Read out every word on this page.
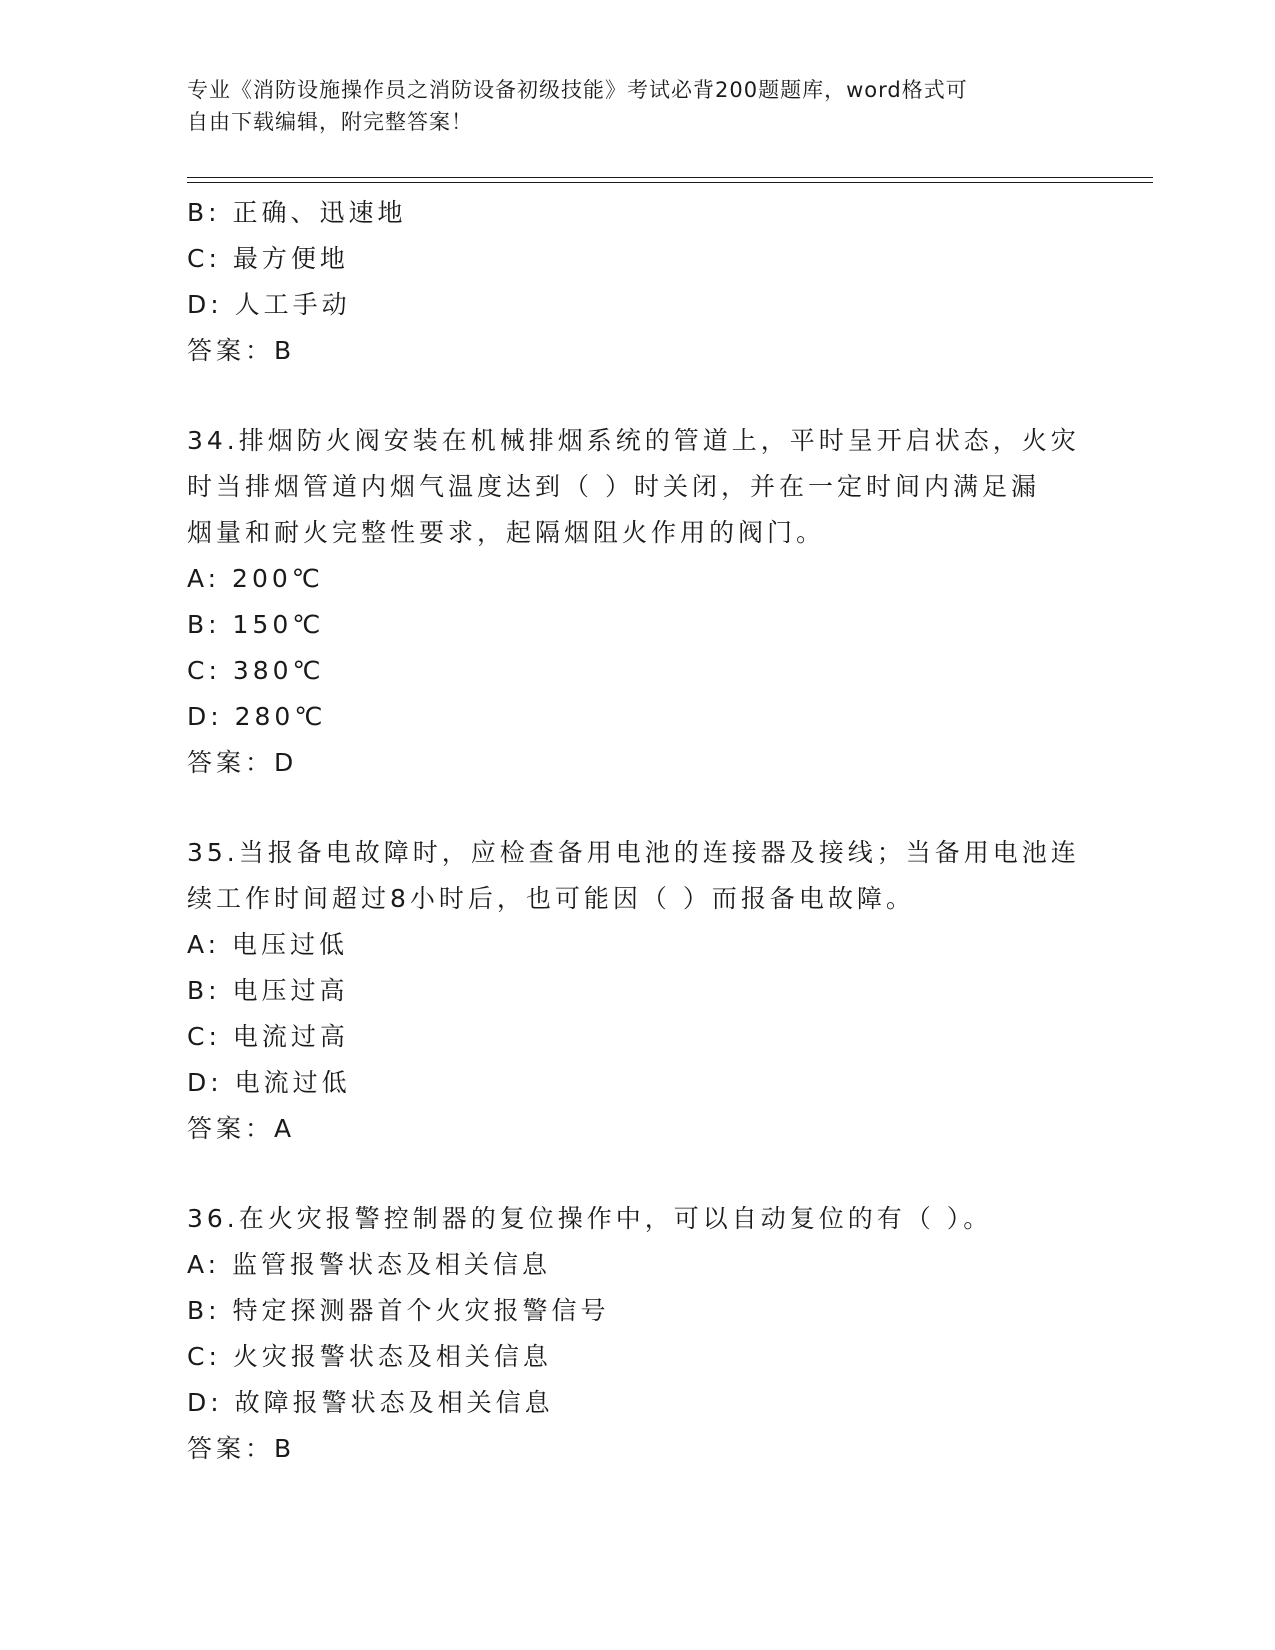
专业《消防设施操作员之消防设备初级技能》考试必背200题题库，word格式可
自由下载编辑，附完整答案！
B: 正确、迅速地
C: 最方便地
D: 人工手动
答案：B
34.排烟防火阀安装在机械排烟系统的管道上，平时呈开启状态，火灾
时当排烟管道内烟气温度达到（ ）时关闭，并在一定时间内满足漏
烟量和耐火完整性要求，起隔烟阻火作用的阀门。
A: 200℃
B: 150℃
C: 380℃
D: 280℃
答案：D
35.当报备电故障时，应检查备用电池的连接器及接线；当备用电池连
续工作时间超过8小时后，也可能因（ ）而报备电故障。
A: 电压过低
B: 电压过高
C: 电流过高
D: 电流过低
答案：A
36.在火灾报警控制器的复位操作中，可以自动复位的有（ ）。
A: 监管报警状态及相关信息
B: 特定探测器首个火灾报警信号
C: 火灾报警状态及相关信息
D: 故障报警状态及相关信息
答案：B
